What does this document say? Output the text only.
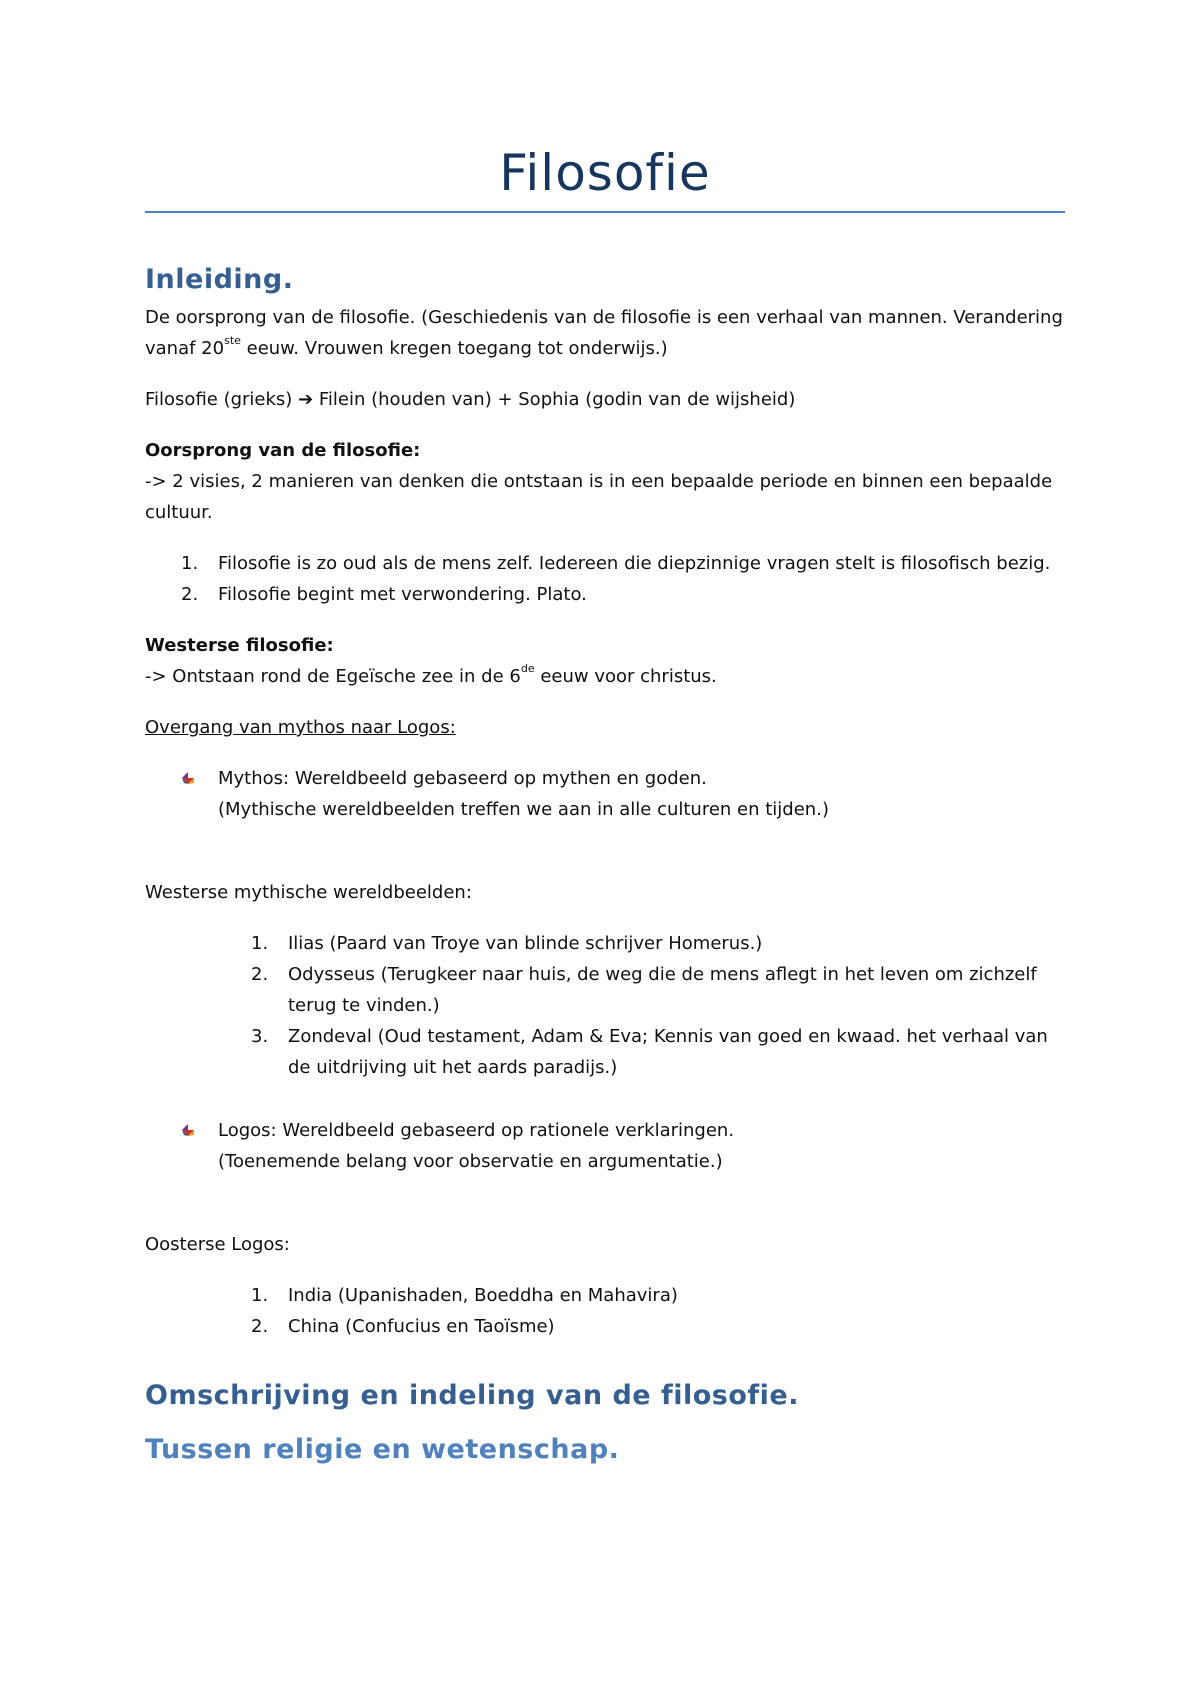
Filosofie
Inleiding.

De oorsprong van de filosofie. (Geschiedenis van de filosofie is een verhaal van mannen. Verandering
vanaf 20ste eeuw. Vrouwen kregen toegang tot onderwijs.)

Filosofie (grieks) ➔ Filein (houden van) + Sophia (godin van de wijsheid)

Oorsprong van de filosofie:

-> 2 visies, 2 manieren van denken die ontstaan is in een bepaalde periode en binnen een bepaalde
cultuur.

1. Filosofie is zo oud als de mens zelf. Iedereen die diepzinnige vragen stelt is filosofisch bezig.
2. Filosofie begint met verwondering. Plato.

Westerse filosofie:

-> Ontstaan rond de Egeïsche zee in de 6de eeuw voor christus.

Overgang van mythos naar Logos:

Mythos: Wereldbeeld gebaseerd op mythen en goden.
(Mythische wereldbeelden treffen we aan in alle culturen en tijden.)

Westerse mythische wereldbeelden:

1. Ilias (Paard van Troye van blinde schrijver Homerus.)
2. Odysseus (Terugkeer naar huis, de weg die de mens aflegt in het leven om zichzelf
terug te vinden.)
3. Zondeval (Oud testament, Adam & Eva; Kennis van goed en kwaad. het verhaal van
de uitdrijving uit het aards paradijs.)
Logos: Wereldbeeld gebaseerd op rationele verklaringen.
(Toenemende belang voor observatie en argumentatie.)

Oosterse Logos:

1. India (Upanishaden, Boeddha en Mahavira)
2. China (Confucius en Taoïsme)
Omschrijving en indeling van de filosofie.
Tussen religie en wetenschap.
